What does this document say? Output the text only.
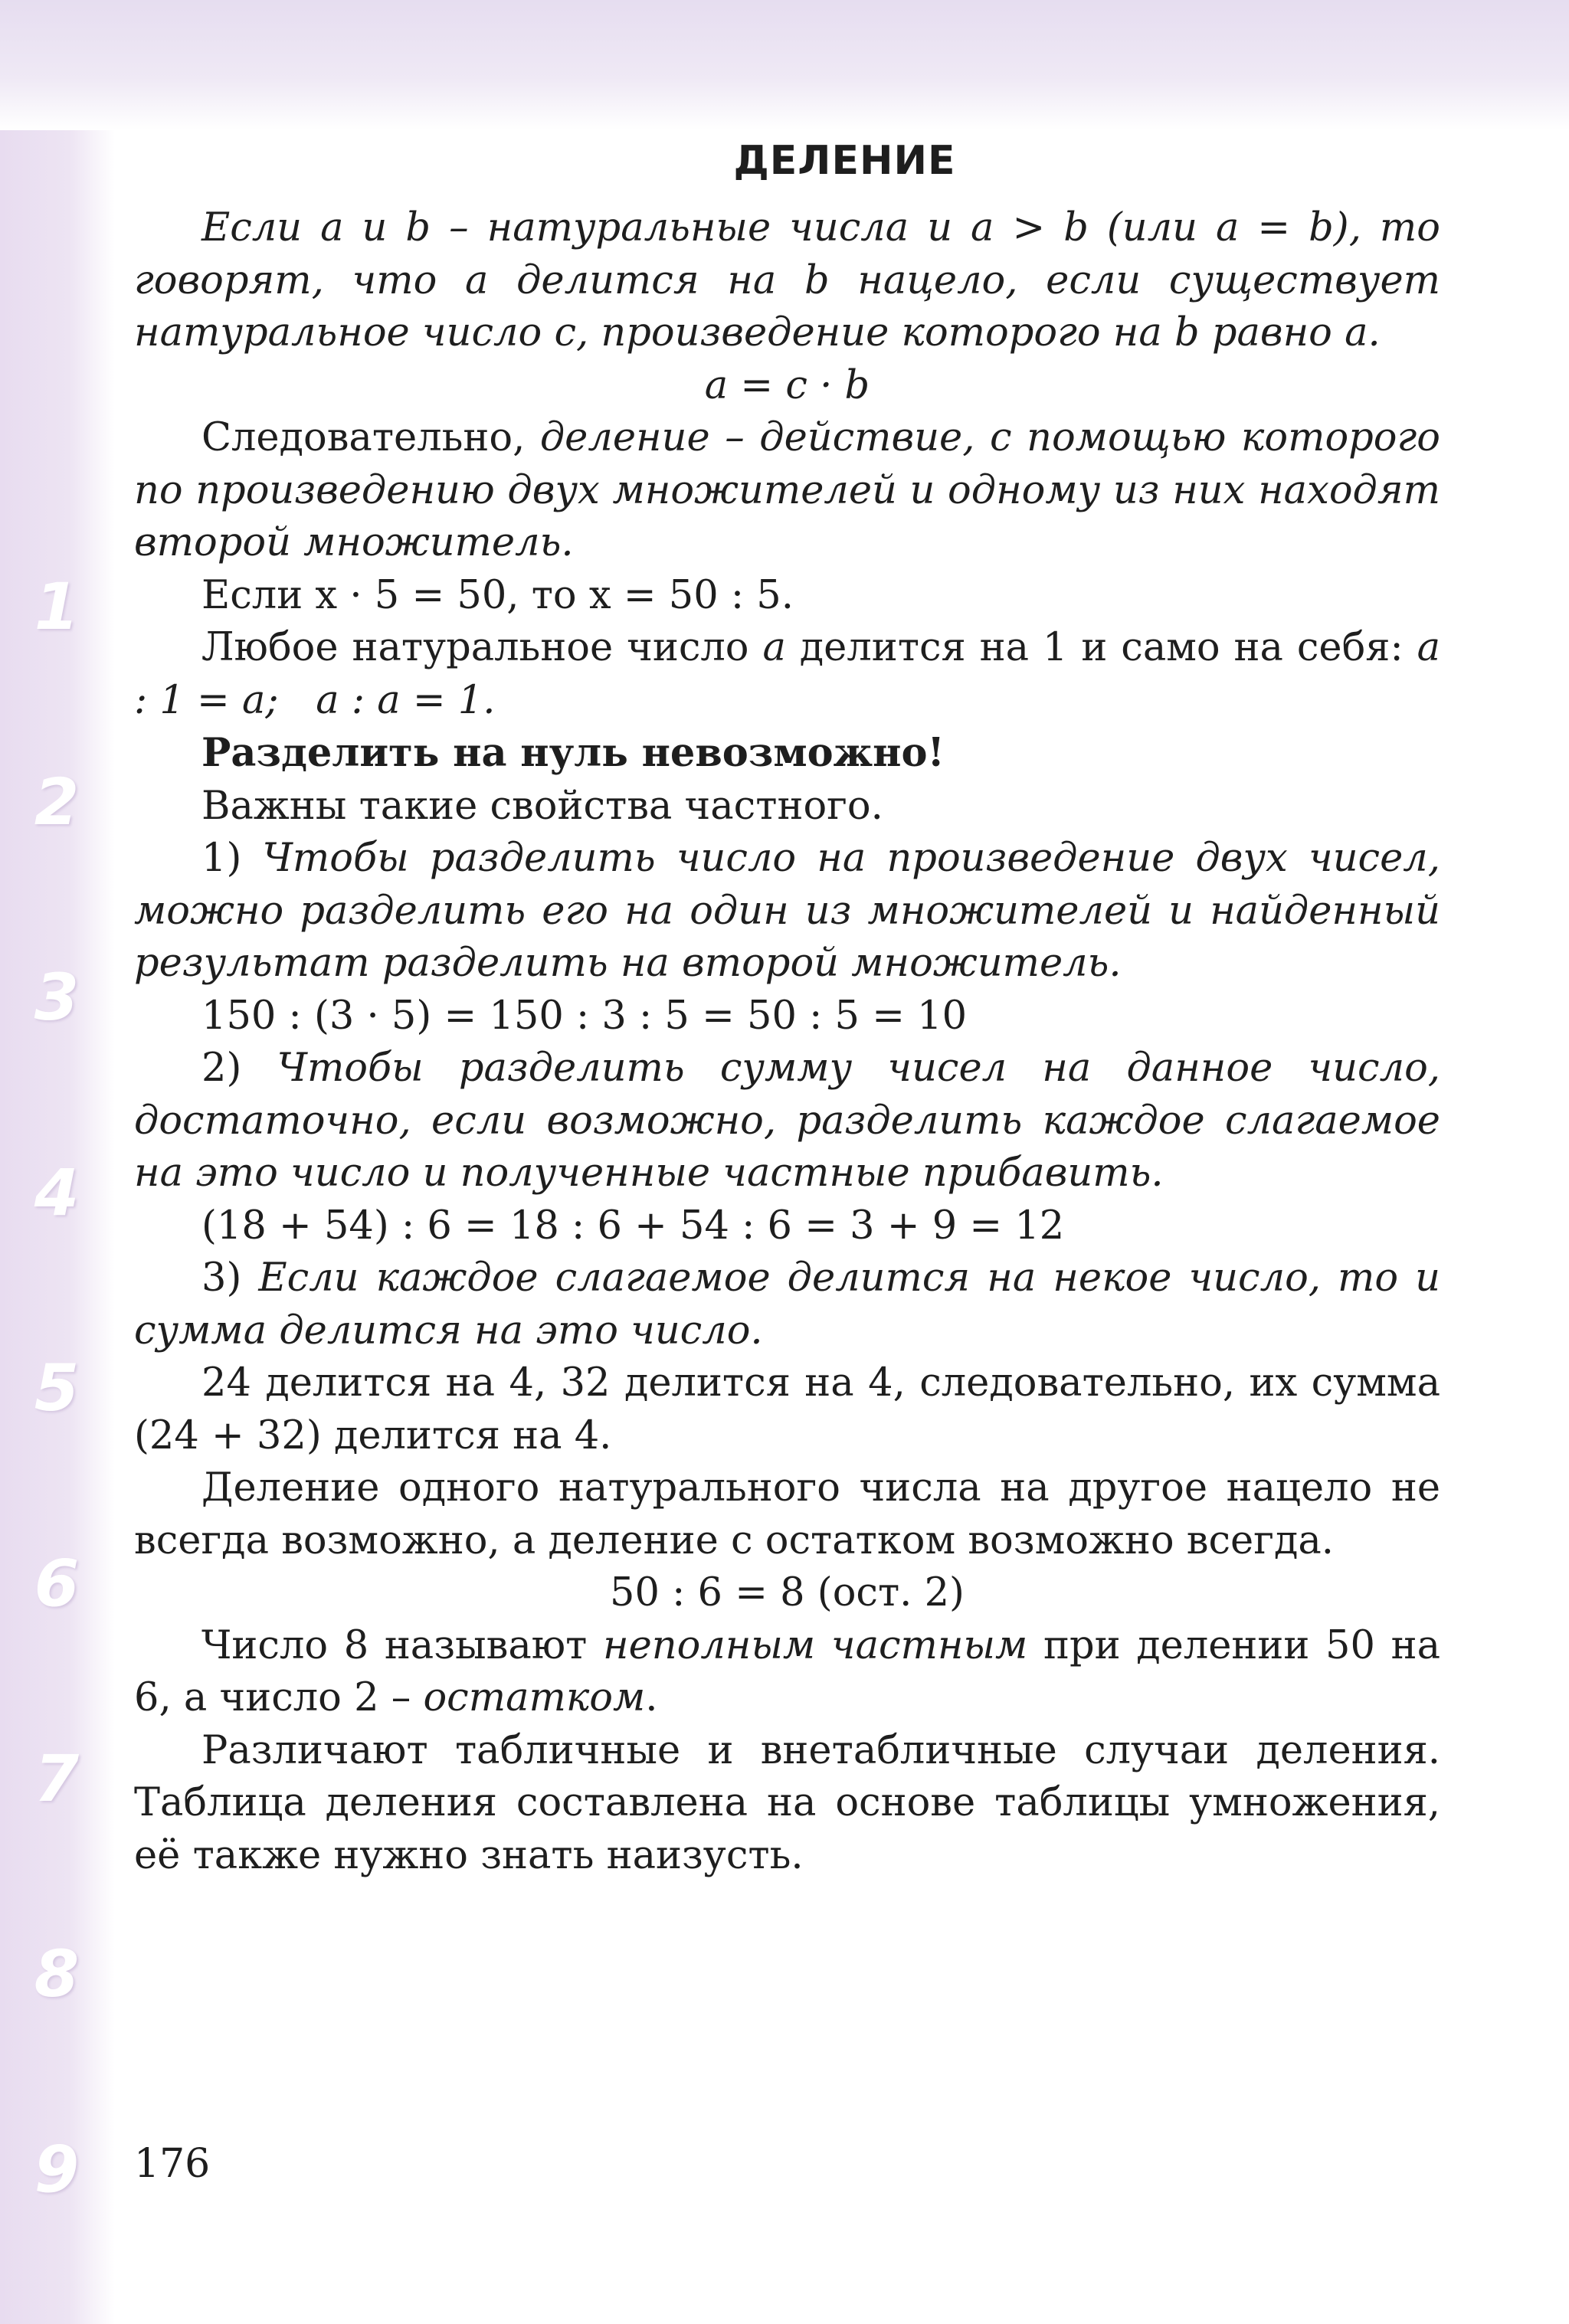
1
2
3
4
5
6
7
8
9
ДЕЛЕНИЕ

Если a и b – натуральные числа и a > b (или a = b), то говорят, что a делится на b нацело, если существует натуральное число c, произведение которого на b равно a.

a = c · b

Следовательно, деление – действие, с помощью которого по произведению двух множителей и одному из них находят второй множитель.

Если x · 5 = 50, то x = 50 : 5.

Любое натуральное число a делится на 1 и само на себя: a : 1 = a; a : a = 1.

Разделить на нуль невозможно!

Важны такие свойства частного.

1) Чтобы разделить число на произведение двух чисел, можно разделить его на один из множителей и найденный результат разделить на второй множитель.

150 : (3 · 5) = 150 : 3 : 5 = 50 : 5 = 10

2) Чтобы разделить сумму чисел на данное число, достаточно, если возможно, разделить каждое слагаемое на это число и полученные частные прибавить.

(18 + 54) : 6 = 18 : 6 + 54 : 6 = 3 + 9 = 12

3) Если каждое слагаемое делится на некое число, то и сумма делится на это число.

24 делится на 4, 32 делится на 4, следовательно, их сумма (24 + 32) делится на 4.

Деление одного натурального числа на другое нацело не всегда возможно, а деление с остатком возможно всегда.

50 : 6 = 8 (ост. 2)

Число 8 называют неполным частным при делении 50 на 6, а число 2 – остатком.

Различают табличные и внетабличные случаи деления. Таблица деления составлена на основе таблицы умножения, её также нужно знать наизусть.

176
